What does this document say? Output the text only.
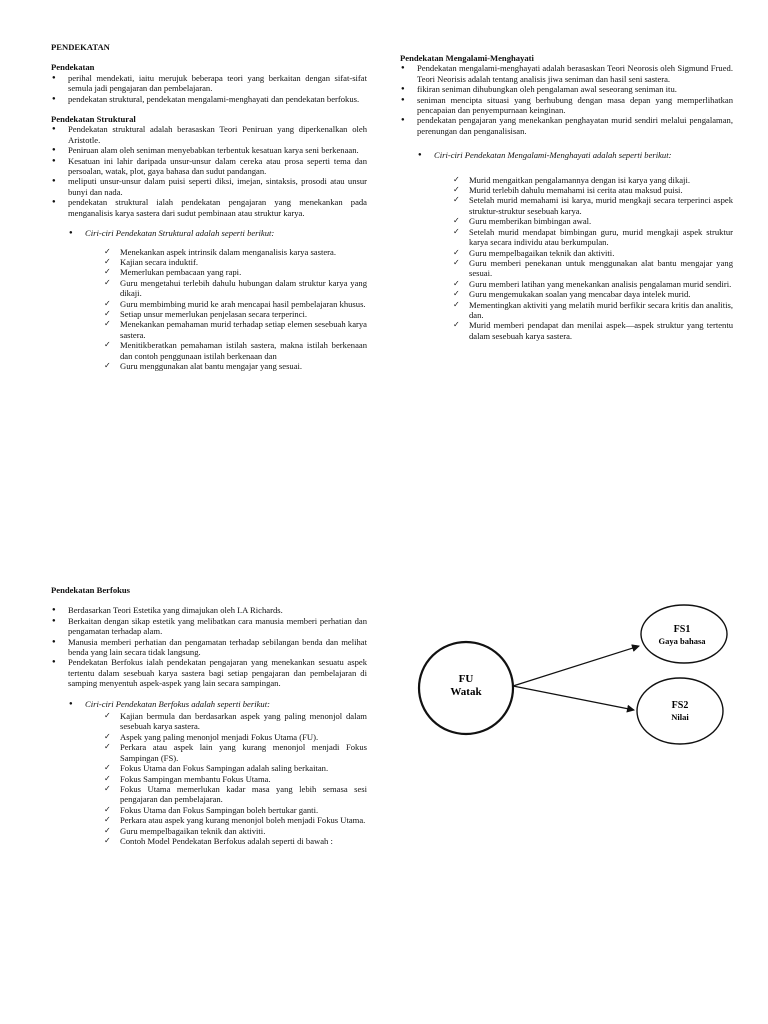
PENDEKATAN

Pendekatan

● perihal mendekati, iaitu merujuk beberapa teori yang berkaitan dengan sifat-sifat semula jadi pengajaran dan pembelajaran.
● pendekatan struktural, pendekatan mengalami-menghayati dan pendekatan berfokus.

Pendekatan Struktural

● Pendekatan struktural adalah berasaskan Teori Peniruan yang diperkenalkan oleh Aristotle.
● Peniruan alam oleh seniman menyebabkan terbentuk kesatuan karya seni berkenaan.
● Kesatuan ini lahir daripada unsur-unsur dalam cereka atau prosa seperti tema dan persoalan, watak, plot, gaya bahasa dan sudut pandangan.
● meliputi unsur-unsur dalam puisi seperti diksi, imejan, sintaksis, prosodi atau unsur bunyi dan nada.
● pendekatan struktural ialah pendekatan pengajaran yang menekankan pada menganalisis karya sastera dari sudut pembinaan atau struktur karya.
● Ciri-ciri Pendekatan Struktural adalah seperti berikut:
✓ Menekankan aspek intrinsik dalam menganalisis karya sastera.
✓ Kajian secara induktif.
✓ Memerlukan pembacaan yang rapi.
✓ Guru mengetahui terlebih dahulu hubungan dalam struktur karya yang dikaji.
✓ Guru membimbing murid ke arah mencapai hasil pembelajaran khusus.
✓ Setiap unsur memerlukan penjelasan secara terperinci.
✓ Menekankan pemahaman murid terhadap setiap elemen sesebuah karya sastera.
✓ Menitikberatkan pemahaman istilah sastera, makna istilah berkenaan dan contoh penggunaan istilah berkenaan dan
✓ Guru menggunakan alat bantu mengajar yang sesuai.

Pendekatan Mengalami-Menghayati

● Pendekatan mengalami-menghayati adalah berasaskan Teori Neorosis oleh Sigmund Frued. Teori Neorisis adalah tentang analisis jiwa seniman dan hasil seni sastera.
● fikiran seniman dihubungkan oleh pengalaman awal seseorang seniman itu.
● seniman mencipta situasi yang berhubung dengan masa depan yang memperlihatkan pencapaian dan penyempurnaan keinginan.
● pendekatan pengajaran yang menekankan penghayatan murid sendiri melalui pengalaman, perenungan dan penganalisisan.
● Ciri-ciri Pendekatan Mengalami-Menghayati adalah seperti berikut:
✓ Murid mengaitkan pengalamannya dengan isi karya yang dikaji.
✓ Murid terlebih dahulu memahami isi cerita atau maksud puisi.
✓ Setelah murid memahami isi karya, murid mengkaji secara terperinci aspek struktur-struktur sesebuah karya.
✓ Guru memberikan bimbingan awal.
✓ Setelah murid mendapat bimbingan guru, murid mengkaji aspek struktur karya secara individu atau berkumpulan.
✓ Guru mempelbagaikan teknik dan aktiviti.
✓ Guru memberi penekanan untuk menggunakan alat bantu mengajar yang sesuai.
✓ Guru memberi latihan yang menekankan analisis pengalaman murid sendiri.
✓ Guru mengemukakan soalan yang mencabar daya intelek murid.
✓ Mementingkan aktiviti yang melatih murid berfikir secara kritis dan analitis, dan.
✓ Murid memberi pendapat dan menilai aspek—aspek struktur yang tertentu dalam sesebuah karya sastera.

Pendekatan Berfokus

● Berdasarkan Teori Estetika yang dimajukan oleh I.A Richards.
● Berkaitan dengan sikap estetik yang melibatkan cara manusia memberi perhatian dan pengamatan terhadap alam.
● Manusia memberi perhatian dan pengamatan terhadap sebilangan benda dan melihat benda yang lain secara tidak langsung.
● Pendekatan Berfokus ialah pendekatan pengajaran yang menekankan sesuatu aspek tertentu dalam sesebuah karya sastera bagi setiap pengajaran dan pembelajaran di samping menyentuh aspek-aspek yang lain secara sampingan.
● Ciri-ciri Pendekatan Berfokus adalah seperti berikut:
✓ Kajian bermula dan berdasarkan aspek yang paling menonjol dalam sesebuah karya sastera.
✓ Aspek yang paling menonjol menjadi Fokus Utama (FU).
✓ Perkara atau aspek lain yang kurang menonjol menjadi Fokus Sampingan (FS).
✓ Fokus Utama dan Fokus Sampingan adalah saling berkaitan.
✓ Fokus Sampingan membantu Fokus Utama.
✓ Fokus Utama memerlukan kadar masa yang lebih semasa sesi pengajaran dan pembelajaran.
✓ Fokus Utama dan Fokus Sampingan boleh bertukar ganti.
✓ Perkara atau aspek yang kurang menonjol boleh menjadi Fokus Utama.
✓ Guru mempelbagaikan teknik dan aktiviti.
✓ Contoh Model Pendekatan Berfokus adalah seperti di bawah :
FU
Watak
FS1
Gaya bahasa
FS2
Nilai
